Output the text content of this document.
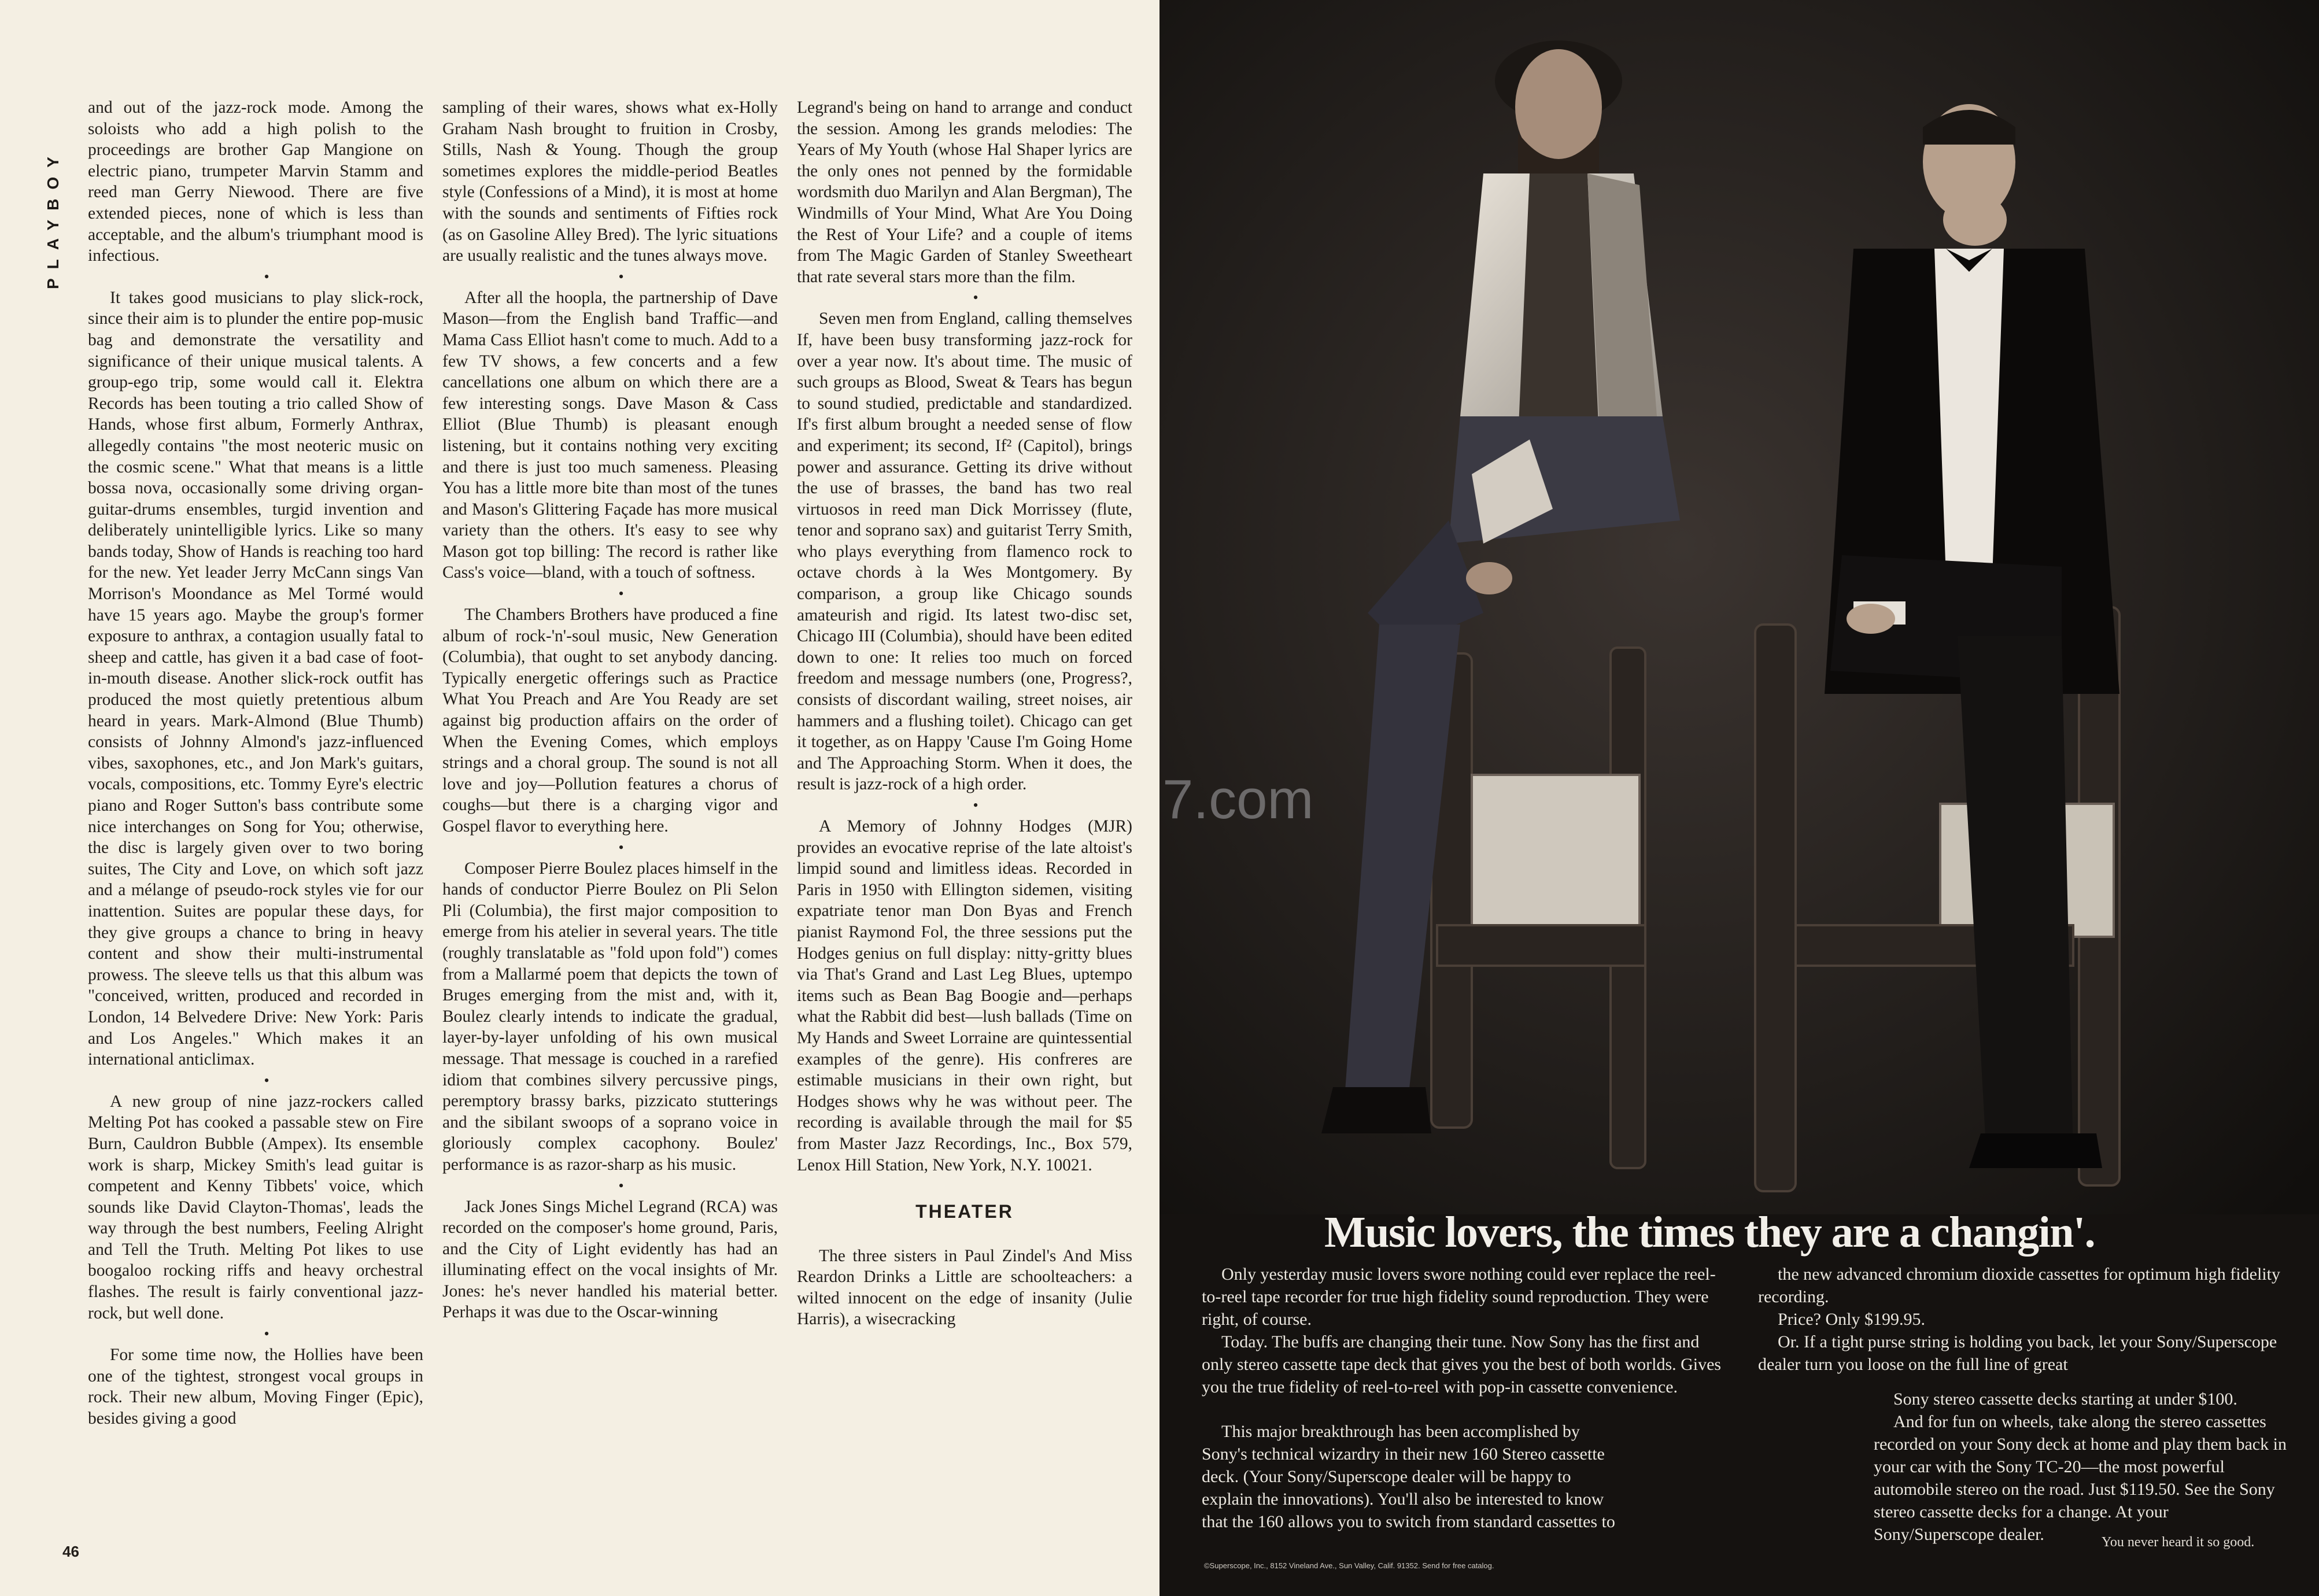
PLAYBOY

and out of the jazz-rock mode. Among the soloists who add a high polish to the proceedings are brother Gap Mangione on electric piano, trumpeter Marvin Stamm and reed man Gerry Niewood. There are five extended pieces, none of which is less than acceptable, and the album's triumphant mood is infectious.

•

It takes good musicians to play slick-rock, since their aim is to plunder the entire pop-music bag and demonstrate the versatility and significance of their unique musical talents. A group-ego trip, some would call it. Elektra Records has been touting a trio called Show of Hands, whose first album, Formerly Anthrax, allegedly contains "the most neoteric music on the cosmic scene." What that means is a little bossa nova, occasionally some driving organ-guitar-drums ensembles, turgid invention and deliberately unintelligible lyrics. Like so many bands today, Show of Hands is reaching too hard for the new. Yet leader Jerry McCann sings Van Morrison's Moondance as Mel Tormé would have 15 years ago. Maybe the group's former exposure to anthrax, a contagion usually fatal to sheep and cattle, has given it a bad case of foot-in-mouth disease. Another slick-rock outfit has produced the most quietly pretentious album heard in years. Mark-Almond (Blue Thumb) consists of Johnny Almond's jazz-influenced vibes, saxophones, etc., and Jon Mark's guitars, vocals, compositions, etc. Tommy Eyre's electric piano and Roger Sutton's bass contribute some nice interchanges on Song for You; otherwise, the disc is largely given over to two boring suites, The City and Love, on which soft jazz and a mélange of pseudo-rock styles vie for our inattention. Suites are popular these days, for they give groups a chance to bring in heavy content and show their multi-instrumental prowess. The sleeve tells us that this album was "conceived, written, produced and recorded in London, 14 Belvedere Drive: New York: Paris and Los Angeles." Which makes it an international anticlimax.

•

A new group of nine jazz-rockers called Melting Pot has cooked a passable stew on Fire Burn, Cauldron Bubble (Ampex). Its ensemble work is sharp, Mickey Smith's lead guitar is competent and Kenny Tibbets' voice, which sounds like David Clayton-Thomas', leads the way through the best numbers, Feeling Alright and Tell the Truth. Melting Pot likes to use boogaloo rocking riffs and heavy orchestral flashes. The result is fairly conventional jazz-rock, but well done.

•

For some time now, the Hollies have been one of the tightest, strongest vocal groups in rock. Their new album, Moving Finger (Epic), besides giving a good

sampling of their wares, shows what ex-Holly Graham Nash brought to fruition in Crosby, Stills, Nash & Young. Though the group sometimes explores the middle-period Beatles style (Confessions of a Mind), it is most at home with the sounds and sentiments of Fifties rock (as on Gasoline Alley Bred). The lyric situations are usually realistic and the tunes always move.

•

After all the hoopla, the partnership of Dave Mason—from the English band Traffic—and Mama Cass Elliot hasn't come to much. Add to a few TV shows, a few concerts and a few cancellations one album on which there are a few interesting songs. Dave Mason & Cass Elliot (Blue Thumb) is pleasant enough listening, but it contains nothing very exciting and there is just too much sameness. Pleasing You has a little more bite than most of the tunes and Mason's Glittering Façade has more musical variety than the others. It's easy to see why Mason got top billing: The record is rather like Cass's voice—bland, with a touch of softness.

•

The Chambers Brothers have produced a fine album of rock-'n'-soul music, New Generation (Columbia), that ought to set anybody dancing. Typically energetic offerings such as Practice What You Preach and Are You Ready are set against big production affairs on the order of When the Evening Comes, which employs strings and a choral group. The sound is not all love and joy—Pollution features a chorus of coughs—but there is a charging vigor and Gospel flavor to everything here.

•

Composer Pierre Boulez places himself in the hands of conductor Pierre Boulez on Pli Selon Pli (Columbia), the first major composition to emerge from his atelier in several years. The title (roughly translatable as "fold upon fold") comes from a Mallarmé poem that depicts the town of Bruges emerging from the mist and, with it, Boulez clearly intends to indicate the gradual, layer-by-layer unfolding of his own musical message. That message is couched in a rarefied idiom that combines silvery percussive pings, peremptory brassy barks, pizzicato stutterings and the sibilant swoops of a soprano voice in gloriously complex cacophony. Boulez' performance is as razor-sharp as his music.

•

Jack Jones Sings Michel Legrand (RCA) was recorded on the composer's home ground, Paris, and the City of Light evidently has had an illuminating effect on the vocal insights of Mr. Jones: he's never handled his material better. Perhaps it was due to the Oscar-winning

Legrand's being on hand to arrange and conduct the session. Among les grands melodies: The Years of My Youth (whose Hal Shaper lyrics are the only ones not penned by the formidable wordsmith duo Marilyn and Alan Bergman), The Windmills of Your Mind, What Are You Doing the Rest of Your Life? and a couple of items from The Magic Garden of Stanley Sweetheart that rate several stars more than the film.

•

Seven men from England, calling themselves If, have been busy transforming jazz-rock for over a year now. It's about time. The music of such groups as Blood, Sweat & Tears has begun to sound studied, predictable and standardized. If's first album brought a needed sense of flow and experiment; its second, If² (Capitol), brings power and assurance. Getting its drive without the use of brasses, the band has two real virtuosos in reed man Dick Morrissey (flute, tenor and soprano sax) and guitarist Terry Smith, who plays everything from flamenco rock to octave chords à la Wes Montgomery. By comparison, a group like Chicago sounds amateurish and rigid. Its latest two-disc set, Chicago III (Columbia), should have been edited down to one: It relies too much on forced freedom and message numbers (one, Progress?, consists of discordant wailing, street noises, air hammers and a flushing toilet). Chicago can get it together, as on Happy 'Cause I'm Going Home and The Approaching Storm. When it does, the result is jazz-rock of a high order.

•

A Memory of Johnny Hodges (MJR) provides an evocative reprise of the late altoist's limpid sound and limitless ideas. Recorded in Paris in 1950 with Ellington sidemen, visiting expatriate tenor man Don Byas and French pianist Raymond Fol, the three sessions put the Hodges genius on full display: nitty-gritty blues via That's Grand and Last Leg Blues, uptempo items such as Bean Bag Boogie and—perhaps what the Rabbit did best—lush ballads (Time on My Hands and Sweet Lorraine are quintessential examples of the genre). His confreres are estimable musicians in their own right, but Hodges shows why he was without peer. The recording is available through the mail for $5 from Master Jazz Recordings, Inc., Box 579, Lenox Hill Station, New York, N.Y. 10021.

THEATER

The three sisters in Paul Zindel's And Miss Reardon Drinks a Little are schoolteachers: a wilted innocent on the edge of insanity (Julie Harris), a wisecracking

46
7.com
Music lovers, the times they are a changin'.

Only yesterday music lovers swore nothing could ever replace the reel-to-reel tape recorder for true high fidelity sound reproduction. They were right, of course.

Today. The buffs are changing their tune. Now Sony has the first and only stereo cassette tape deck that gives you the best of both worlds. Gives you the true fidelity of reel-to-reel with pop-in cassette convenience.

This major breakthrough has been accomplished by Sony's technical wizardry in their new 160 Stereo cassette deck. (Your Sony/Superscope dealer will be happy to explain the innovations). You'll also be interested to know that the 160 allows you to switch from standard cassettes to

the new advanced chromium dioxide cassettes for optimum high fidelity recording.

Price? Only $199.95.

Or. If a tight purse string is holding you back, let your Sony/Superscope dealer turn you loose on the full line of great

Sony stereo cassette decks starting at under $100.

And for fun on wheels, take along the stereo cassettes recorded on your Sony deck at home and play them back in your car with the Sony TC-20—the most powerful automobile stereo on the road. Just $119.50. See the Sony stereo cassette decks for a change. At your Sony/Superscope dealer.	You never heard it so good.
©Superscope, Inc., 8152 Vineland Ave., Sun Valley, Calif. 91352. Send for free catalog.
